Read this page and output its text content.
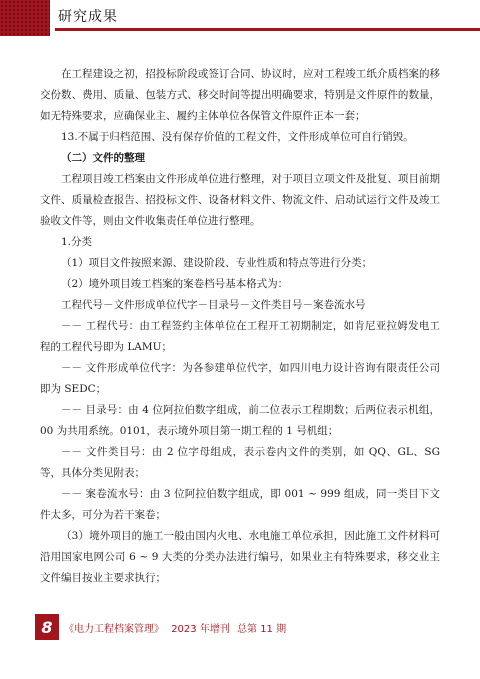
研究成果

在工程建设之初，招投标阶段或签订合同、协议时，应对工程竣工纸介质档案的移交份数、费用、质量、包装方式、移交时间等提出明确要求，特别是文件原件的数量，如无特殊要求，应确保业主、履约主体单位各保管文件原件正本一套；

13.不属于归档范围、没有保存价值的工程文件，文件形成单位可自行销毁。

（二）文件的整理

工程项目竣工档案由文件形成单位进行整理，对于项目立项文件及批复、项目前期文件、质量检查报告、招投标文件、设备材料文件、物流文件、启动试运行文件及竣工验收文件等，则由文件收集责任单位进行整理。

1.分类

（1）项目文件按照来源、建设阶段、专业性质和特点等进行分类；

（2）境外项目竣工档案的案卷档号基本格式为：

工程代号－文件形成单位代字－目录号－文件类目号－案卷流水号

－－ 工程代号：由工程签约主体单位在工程开工初期制定，如肯尼亚拉姆发电工程的工程代号即为 LAMU；

－－ 文件形成单位代字：为各参建单位代字，如四川电力设计咨询有限责任公司即为 SEDC；

－－ 目录号：由 4 位阿拉伯数字组成，前二位表示工程期数；后两位表示机组，00 为共用系统。0101，表示境外项目第一期工程的 1 号机组；

－－ 文件类目号：由 2 位字母组成，表示卷内文件的类别，如 QQ、GL、SG 等，具体分类见附表；

－－ 案卷流水号：由 3 位阿拉伯数字组成，即 001 ~ 999 组成，同一类目下文件太多，可分为若干案卷；

（3）境外项目的施工一般由国内火电、水电施工单位承担，因此施工文件材料可沿用国家电网公司 6 ~ 9 大类的分类办法进行编号，如果业主有特殊要求，移交业主文件编目按业主要求执行；

8	《电力工程档案管理》 2023 年增刊 总第 11 期
